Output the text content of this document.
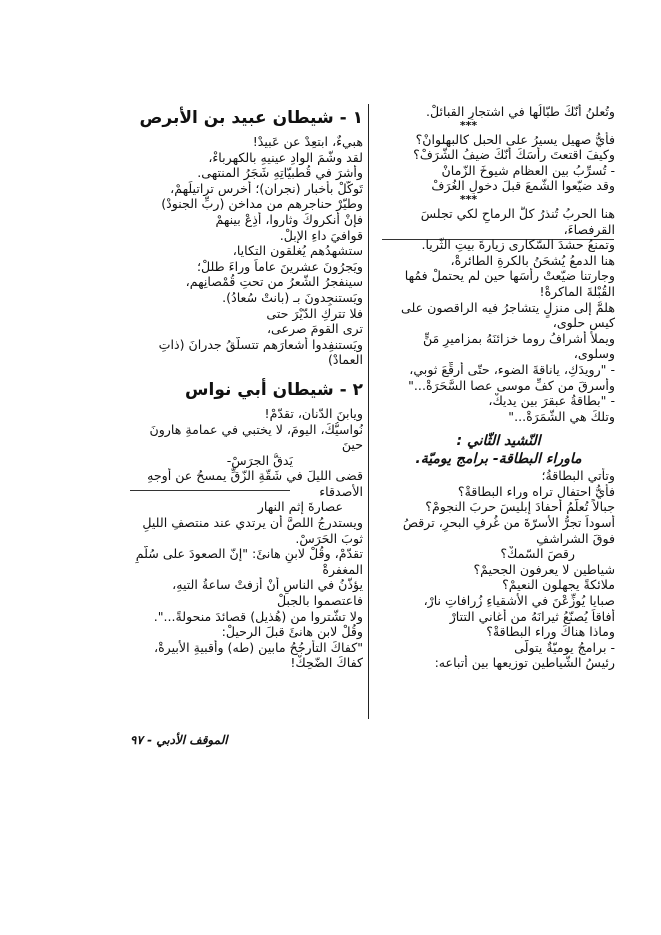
وتُعلنُ أنّكَ طبّالُها في اشتجارِ القبائلْ.
***
فأيُّ صهيلٍ يسيرُ على الحبلِ كالبهلوانْ؟
وكيفَ اقتعتَ رأسَكَ أنّكَ ضيفُ الشّرَفْ؟
- تُسرِّبُ بين العظامِ شيوخَ الزّمانْ
وقد ضيّعوا الشّمعَ قبلَ دخولِ الغُرَفْ
***
هنا الحربُ تُنذرُ كلَّ الرماحِ لكي تجلسَ القرفصاءَ،
وتمنعُ حشدَ السّكارى زيارةَ بيتِ الثّريا.
هنا الدمعُ يُشحَنُ بالكرةِ الطائرةْ،
وجارتنا ضيّعتْ رأسَها حين لم يحتملْ فمُها القُبْلةَ الماكرةْ!
هلمَّ إلى منزلٍ يتشاجرُ فيه الراقصون على كيسِ حلوى،
ويملأُ أشرافُ روما خزائنَهُ بمزاميرِ مَنٍّ وسلوى،
- "رويدَكِ، ياناقةَ الضوء، حتّى أرقِّعَ ثوبي،
وأسرقَ من كفِّ موسى عصا السَّحَرَةْ..."
- "بطاقةُ عبقرَ بين يديكْ،
وتلكَ هي الشّمَرَةْ..."
النّشيد الثّاني :
ماوراء البطاقة- برامج يوميّة.
وتأتي البطاقةُ؛
فأيُّ احتفالٍ تراه وراء البطاقةْ؟
جبالاً تُعلّمُ أحفادَ إبليسَ حربَ النجومْ؟
أسوداً تجرُّ الأسرّةَ من غُرفِ البحرِ، ترقصُ فوقَ الشراشفِ
رقصَ السّمكْ؟
شياطين لا يعرفون الجحيمْ؟
ملائكةً يجهلون النعيمْ؟
صبايا يُوزِّعْنَ في الأشقياءِ زُرافاتِ نارْ،
أفاقاً يُصنّعُ ثيرانَهُ من أغاني التتارْ
وماذا هناكَ وراء البطاقةْ؟
- برامجُ يوميّةٌ يتولّى
رئيسُ الشّياطين توزيعها بين أتباعه:
١ - شيطان عبيد بن الأبرص
هبيءٌ، ابتعِدْ عن عَبيدْ!
لقد وشّمَ الوادِ عينيهِ بالكهرباءْ،
وأشرَ في قُطبيّاتِهِ شَجَرُ المنتهى.
تَوكّلْ بأخبارِ (نجران)؛ أخرِس تراتيلَهمْ،
وطيّرْ حناجرهم من مداخنِ (ربِّ الجنودْ)
فإنْ أنكروكَ وثاروا، أذِعْ بينهمْ
قوافيَ داءِ الإبلْ.
ستشهدُهم يُغلقون التكايا،
ويَجرُونَ عشرينَ عاماً وراءَ طللْ؛
سينفجرُ الشّعرُ من تحتِ قُمْصانِهم،
ويَستنجِدونَ بـ (بانتْ سُعادُ).
فلا تتركِ الدّيْرَ حتى
ترى القومَ صرعى،
ويَستنفِدوا أشعارَهم تتسلّقُ جدرانَ (ذاتِ العمادْ)
٢ - شيطان أبي نواس
ويابنَ الدّنان، تقدّمْ!
نُواسيُّكَ، اليومَ، لا يختبي في عمامةِ هارونَ حينَ
يَدقُّ الجرَسْ-
قضى الليلَ في شَقّةِ الزّقِّ يمسحُ عن أوجهِ الأصدقاء
عصارةَ إثمِ النهار
ويستدرجُ اللصَّ أن يرتدي عند منتصفِ الليلِ ثوبَ الحَرَسْ.
تقدّمْ، وقُلْ لابنِ هانئَ: "إنّ الصعودَ على سُلّمِ المغفرةْ
يؤذّنُ في الناسِ أنْ أزفتْ ساعةُ التيهِ، فاعتصموا بالجبلْ
ولا تشّتروا من (هُذيلٍ) قصائدَ منحولةً...".
وقُلْ لابنِ هانئَ قبلَ الرحيلْ:
"كفاكَ التأرجُحُ مابين (طه) وأقبيةِ الأبيرةْ،
كفاكَ الضّحِكْ!
الموقف الأدبي - ٩٧
